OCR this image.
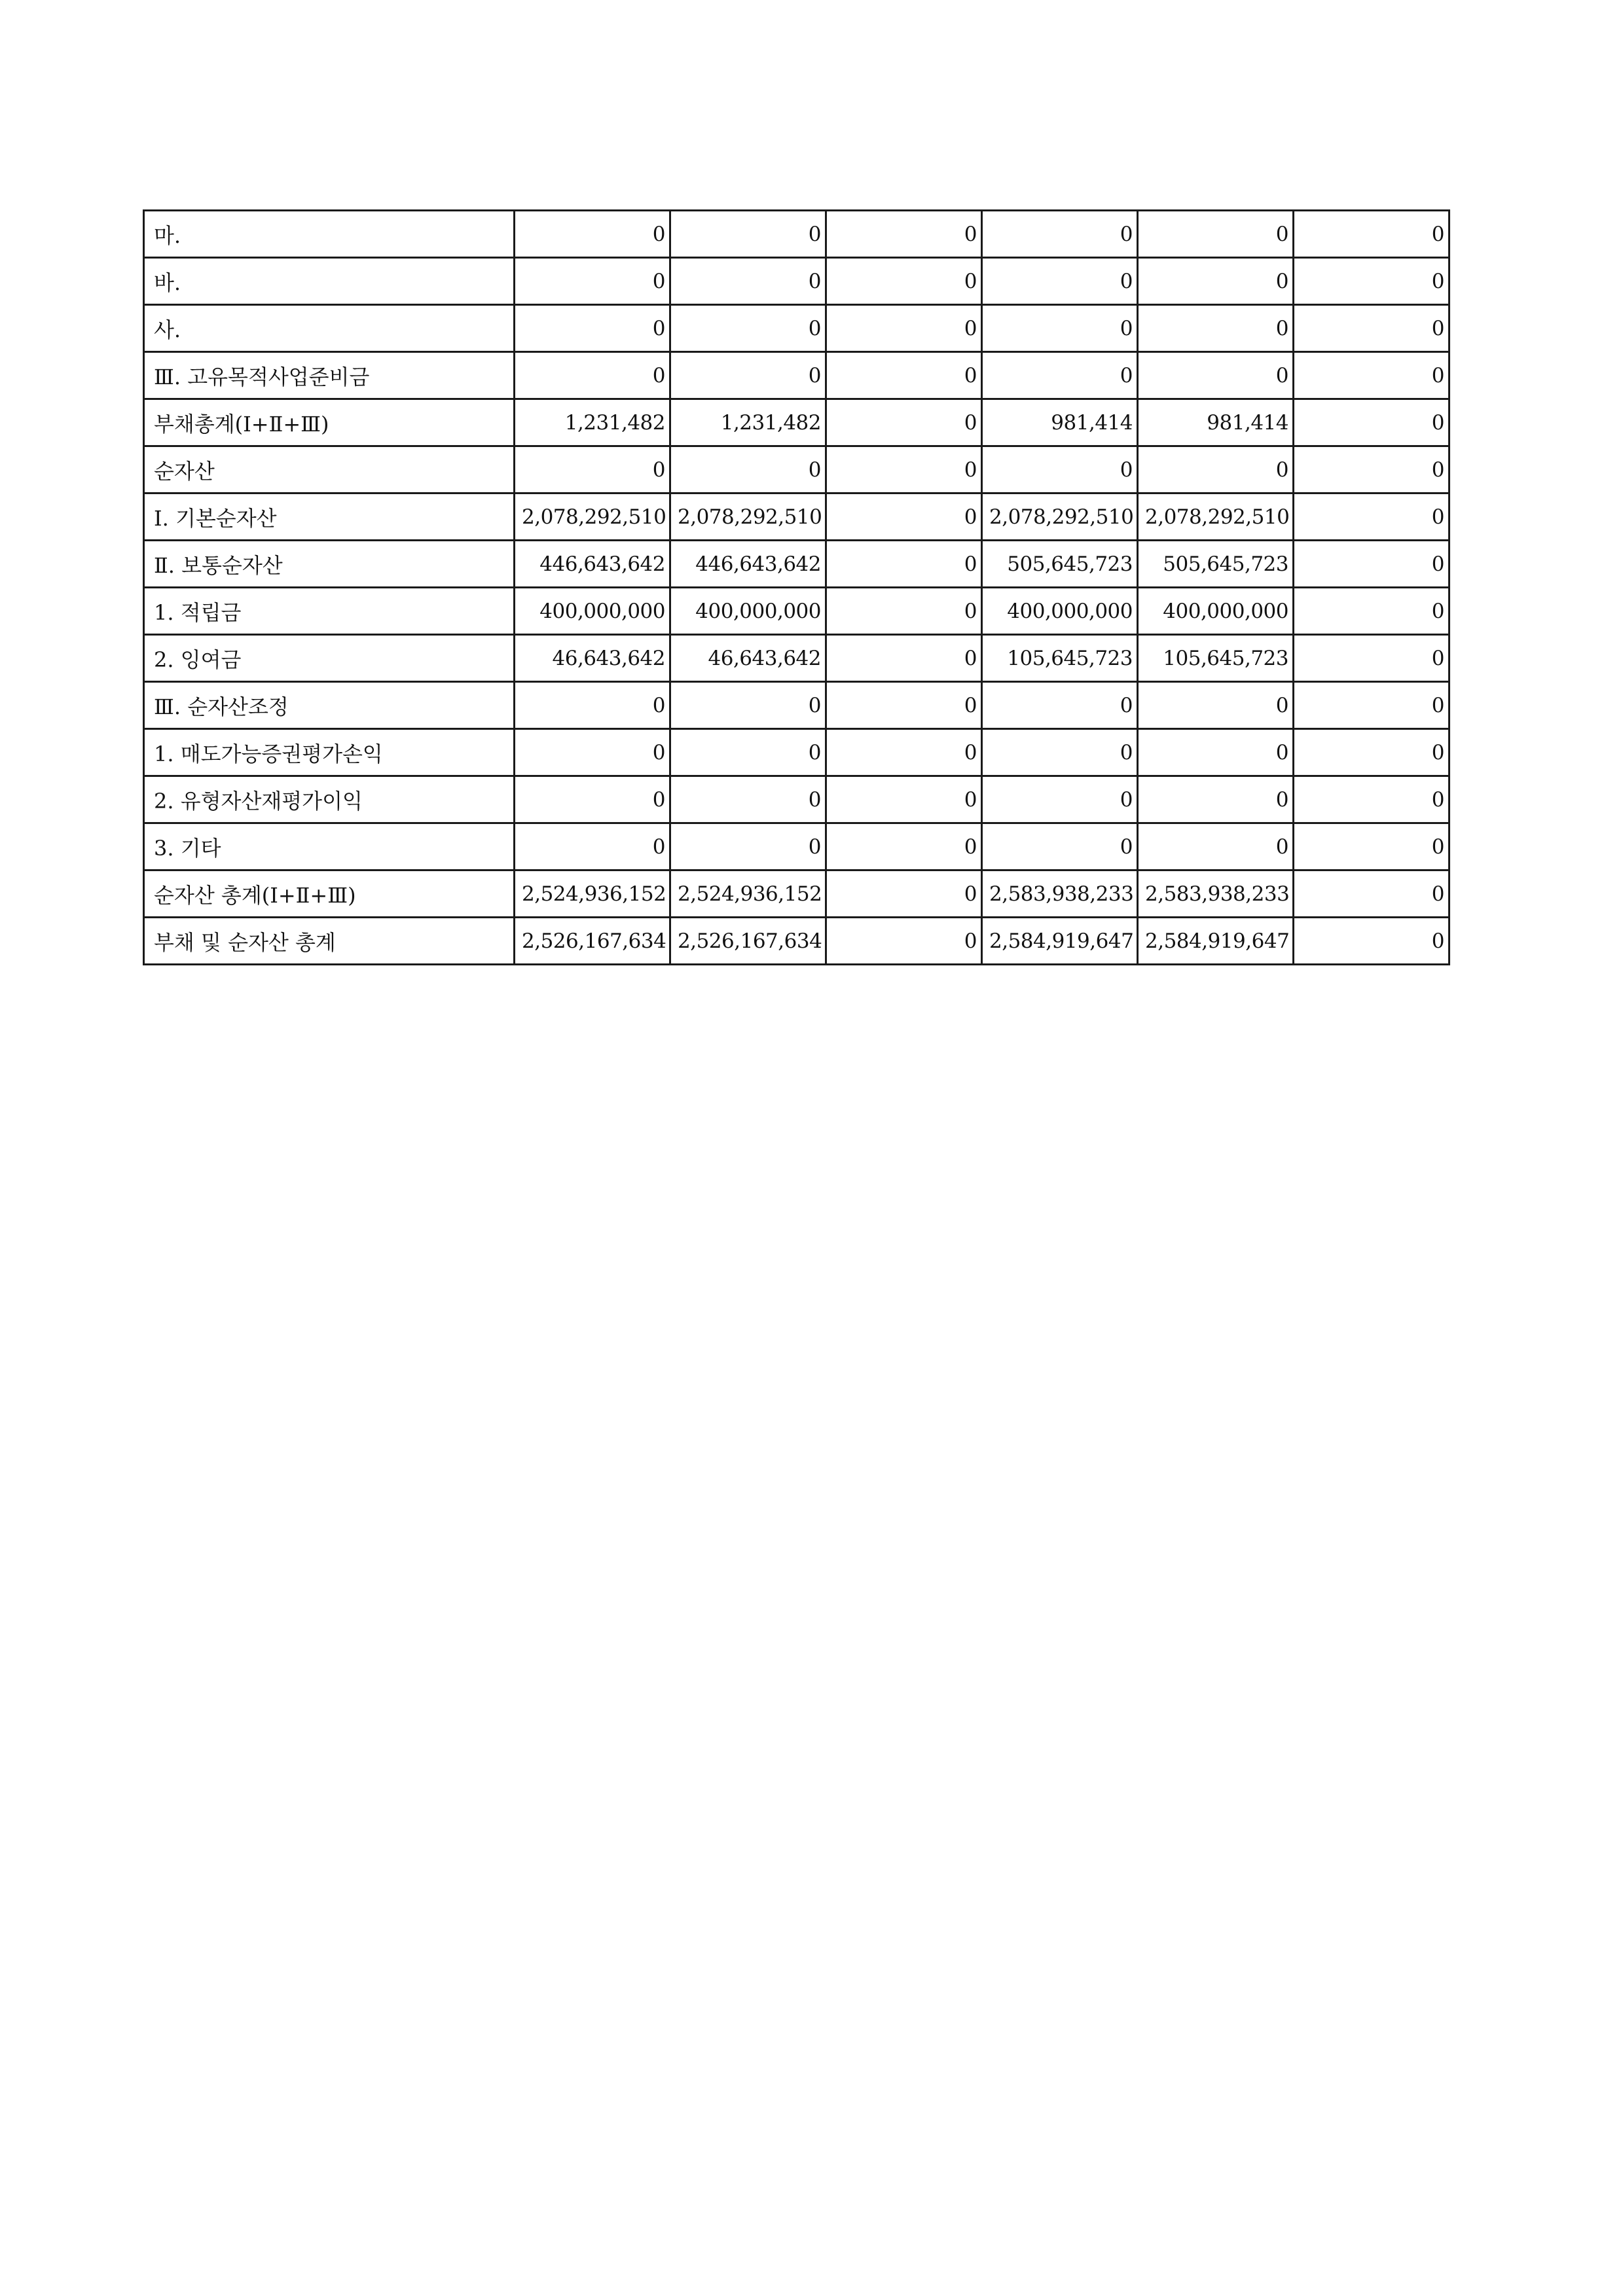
마.	0	0	0	0	0	0
바.	0	0	0	0	0	0
사.	0	0	0	0	0	0
Ⅲ. 고유목적사업준비금	0	0	0	0	0	0
부채총계(Ⅰ+Ⅱ+Ⅲ)	1,231,482	1,231,482	0	981,414	981,414	0
순자산	0	0	0	0	0	0
Ⅰ. 기본순자산	2,078,292,510	2,078,292,510	0	2,078,292,510	2,078,292,510	0
Ⅱ. 보통순자산	446,643,642	446,643,642	0	505,645,723	505,645,723	0
1. 적립금	400,000,000	400,000,000	0	400,000,000	400,000,000	0
2. 잉여금	46,643,642	46,643,642	0	105,645,723	105,645,723	0
Ⅲ. 순자산조정	0	0	0	0	0	0
1. 매도가능증권평가손익	0	0	0	0	0	0
2. 유형자산재평가이익	0	0	0	0	0	0
3. 기타	0	0	0	0	0	0
순자산 총계(Ⅰ+Ⅱ+Ⅲ)	2,524,936,152	2,524,936,152	0	2,583,938,233	2,583,938,233	0
부채 및 순자산 총계	2,526,167,634	2,526,167,634	0	2,584,919,647	2,584,919,647	0
